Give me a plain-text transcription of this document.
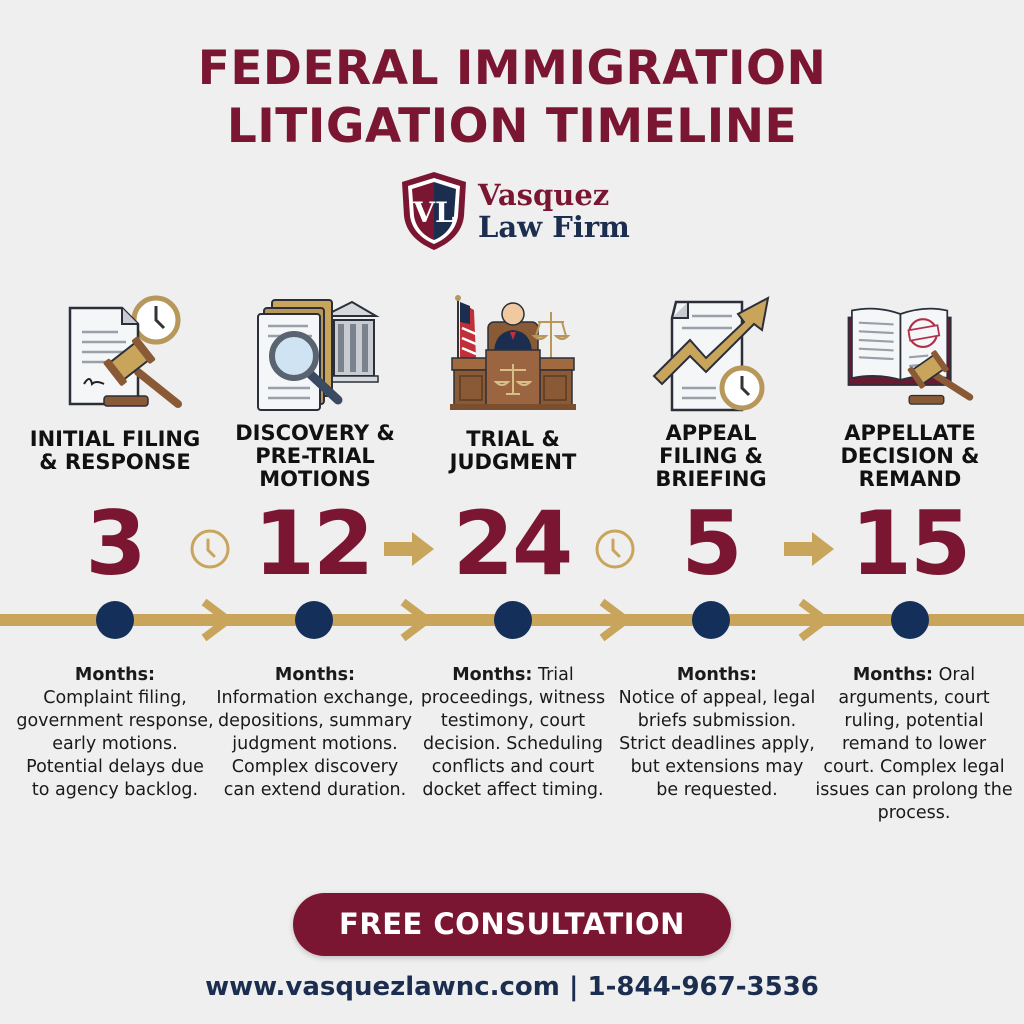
FEDERAL IMMIGRATION
LITIGATION TIMELINE
VL
Vasquez
Law Firm
INITIAL FILING
& RESPONSE
DISCOVERY &
PRE-TRIAL
MOTIONS
TRIAL &
JUDGMENT
APPEAL
FILING &
BRIEFING
APPELLATE
DECISION &
REMAND
3	12 24	5	15
Months:
Complaint filing, government response, early motions. Potential delays due to agency backlog.
Months:
Information exchange, depositions, summary judgment motions. Complex discovery can extend duration.
Months: Trial proceedings, witness testimony, court decision. Scheduling conflicts and court docket affect timing.
Months:
Notice of appeal, legal briefs submission. Strict deadlines apply, but extensions may be requested.
Months: Oral arguments, court ruling, potential remand to lower court. Complex legal issues can prolong the process.
FREE CONSULTATION
www.vasquezlawnc.com | 1-844-967-3536
